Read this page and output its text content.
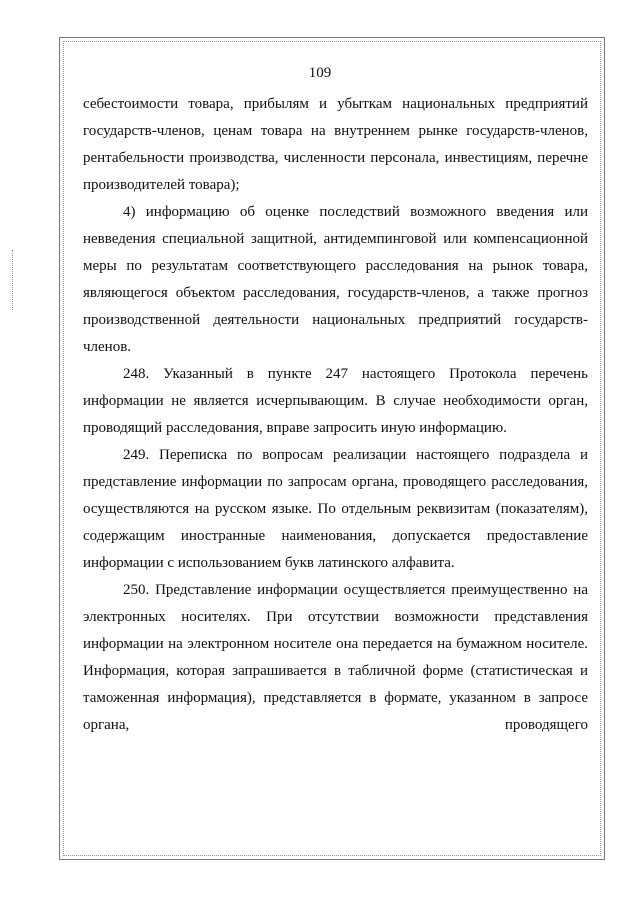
109

себестоимости товара, прибылям и убыткам национальных предприятий государств-членов, ценам товара на внутреннем рынке государств-членов, рентабельности производства, численности персонала, инвестициям, перечне производителей товара);

4) информацию об оценке последствий возможного введения или невведения специальной защитной, антидемпинговой или компенсационной меры по результатам соответствующего расследования на рынок товара, являющегося объектом расследования, государств-членов, а также прогноз производственной деятельности национальных предприятий государств-членов.

248. Указанный в пункте 247 настоящего Протокола перечень информации не является исчерпывающим. В случае необходимости орган, проводящий расследования, вправе запросить иную информацию.

249. Переписка по вопросам реализации настоящего подраздела и представление информации по запросам органа, проводящего расследования, осуществляются на русском языке. По отдельным реквизитам (показателям), содержащим иностранные наименования, допускается предоставление информации с использованием букв латинского алфавита.

250. Представление информации осуществляется преимущественно на электронных носителях. При отсутствии возможности представления информации на электронном носителе она передается на бумажном носителе. Информация, которая запрашивается в табличной форме (статистическая и таможенная информация), представляется в формате, указанном в запросе органа, проводящего
